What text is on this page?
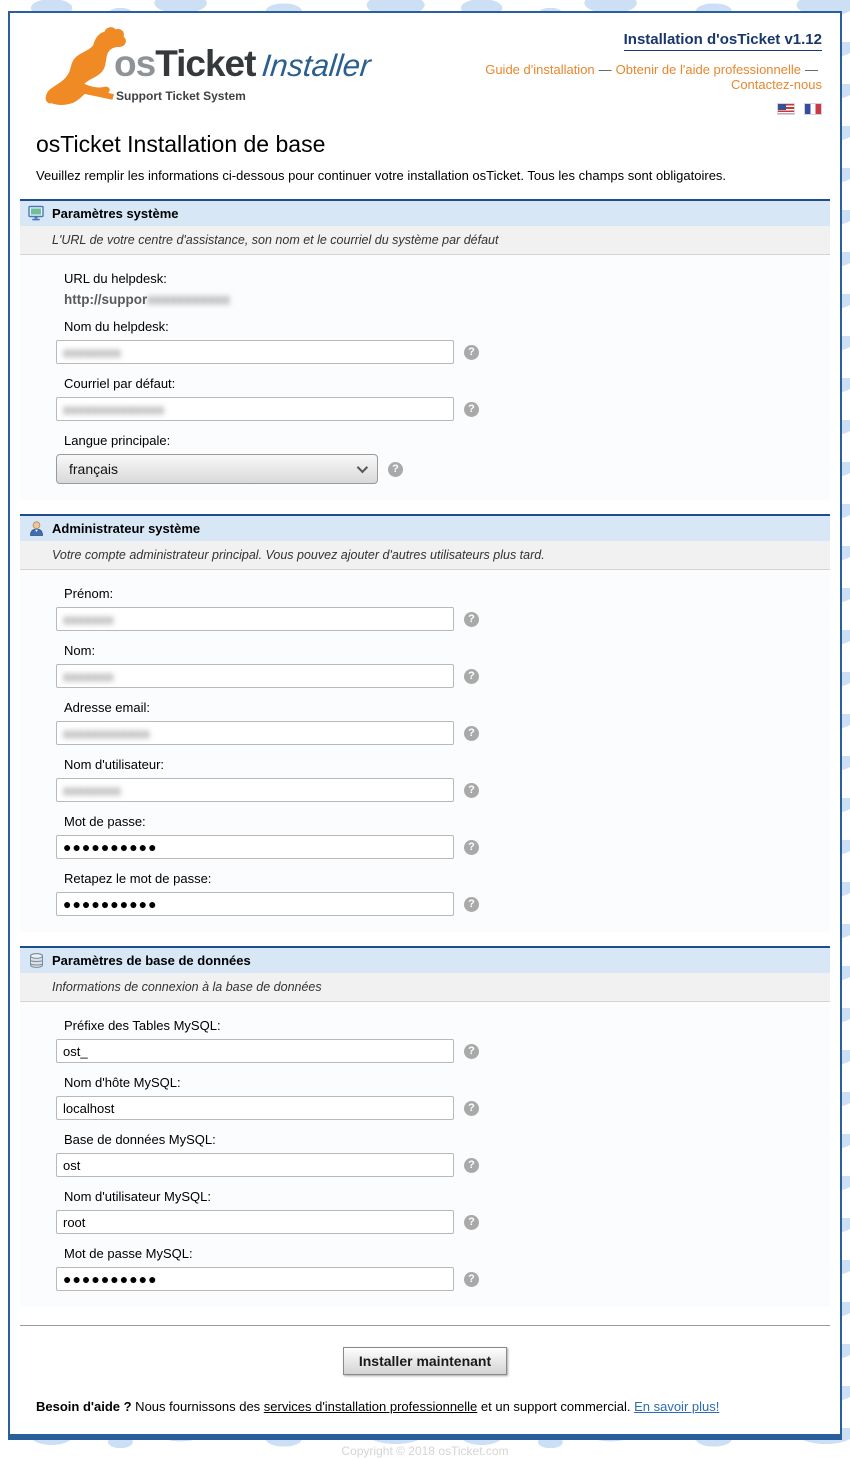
osTicket Installer
Support Ticket System
Installation d'osTicket v1.12
Guide d'installation — Obtenir de l'aide professionnelle —Contactez-nous

osTicket Installation de base

Veuillez remplir les informations ci-dessous pour continuer votre installation osTicket. Tous les champs sont obligatoires.

Paramètres système
L'URL de votre centre d'assistance, son nom et le courriel du système par défaut
URL du helpdesk:
http://supporxxxxxxxxxxx
Nom du helpdesk:
xxxxxxxx	?
Courriel par défaut:
xxxxxxxxxxxxxx	?
Langue principale:
français	?
Administrateur système
Votre compte administrateur principal. Vous pouvez ajouter d'autres utilisateurs plus tard.
Prénom:
xxxxxxx	?
Nom:
xxxxxxx	?
Adresse email:
xxxxxxxxxxxx	?
Nom d'utilisateur:
xxxxxxxx	?
Mot de passe:
●●●●●●●●●●
?
Retapez le mot de passe:
●●●●●●●●●●
?
Paramètres de base de données
Informations de connexion à la base de données
Préfixe des Tables MySQL:
ost_
?
Nom d'hôte MySQL:
localhost
?
Base de données MySQL:
ost
?
Nom d'utilisateur MySQL:
root
?
Mot de passe MySQL:
●●●●●●●●●●
?
Installer maintenant

Besoin d'aide ? Nous fournissons des services d'installation professionnelle et un support commercial. En savoir plus!

Copyright © 2018 osTicket.com
